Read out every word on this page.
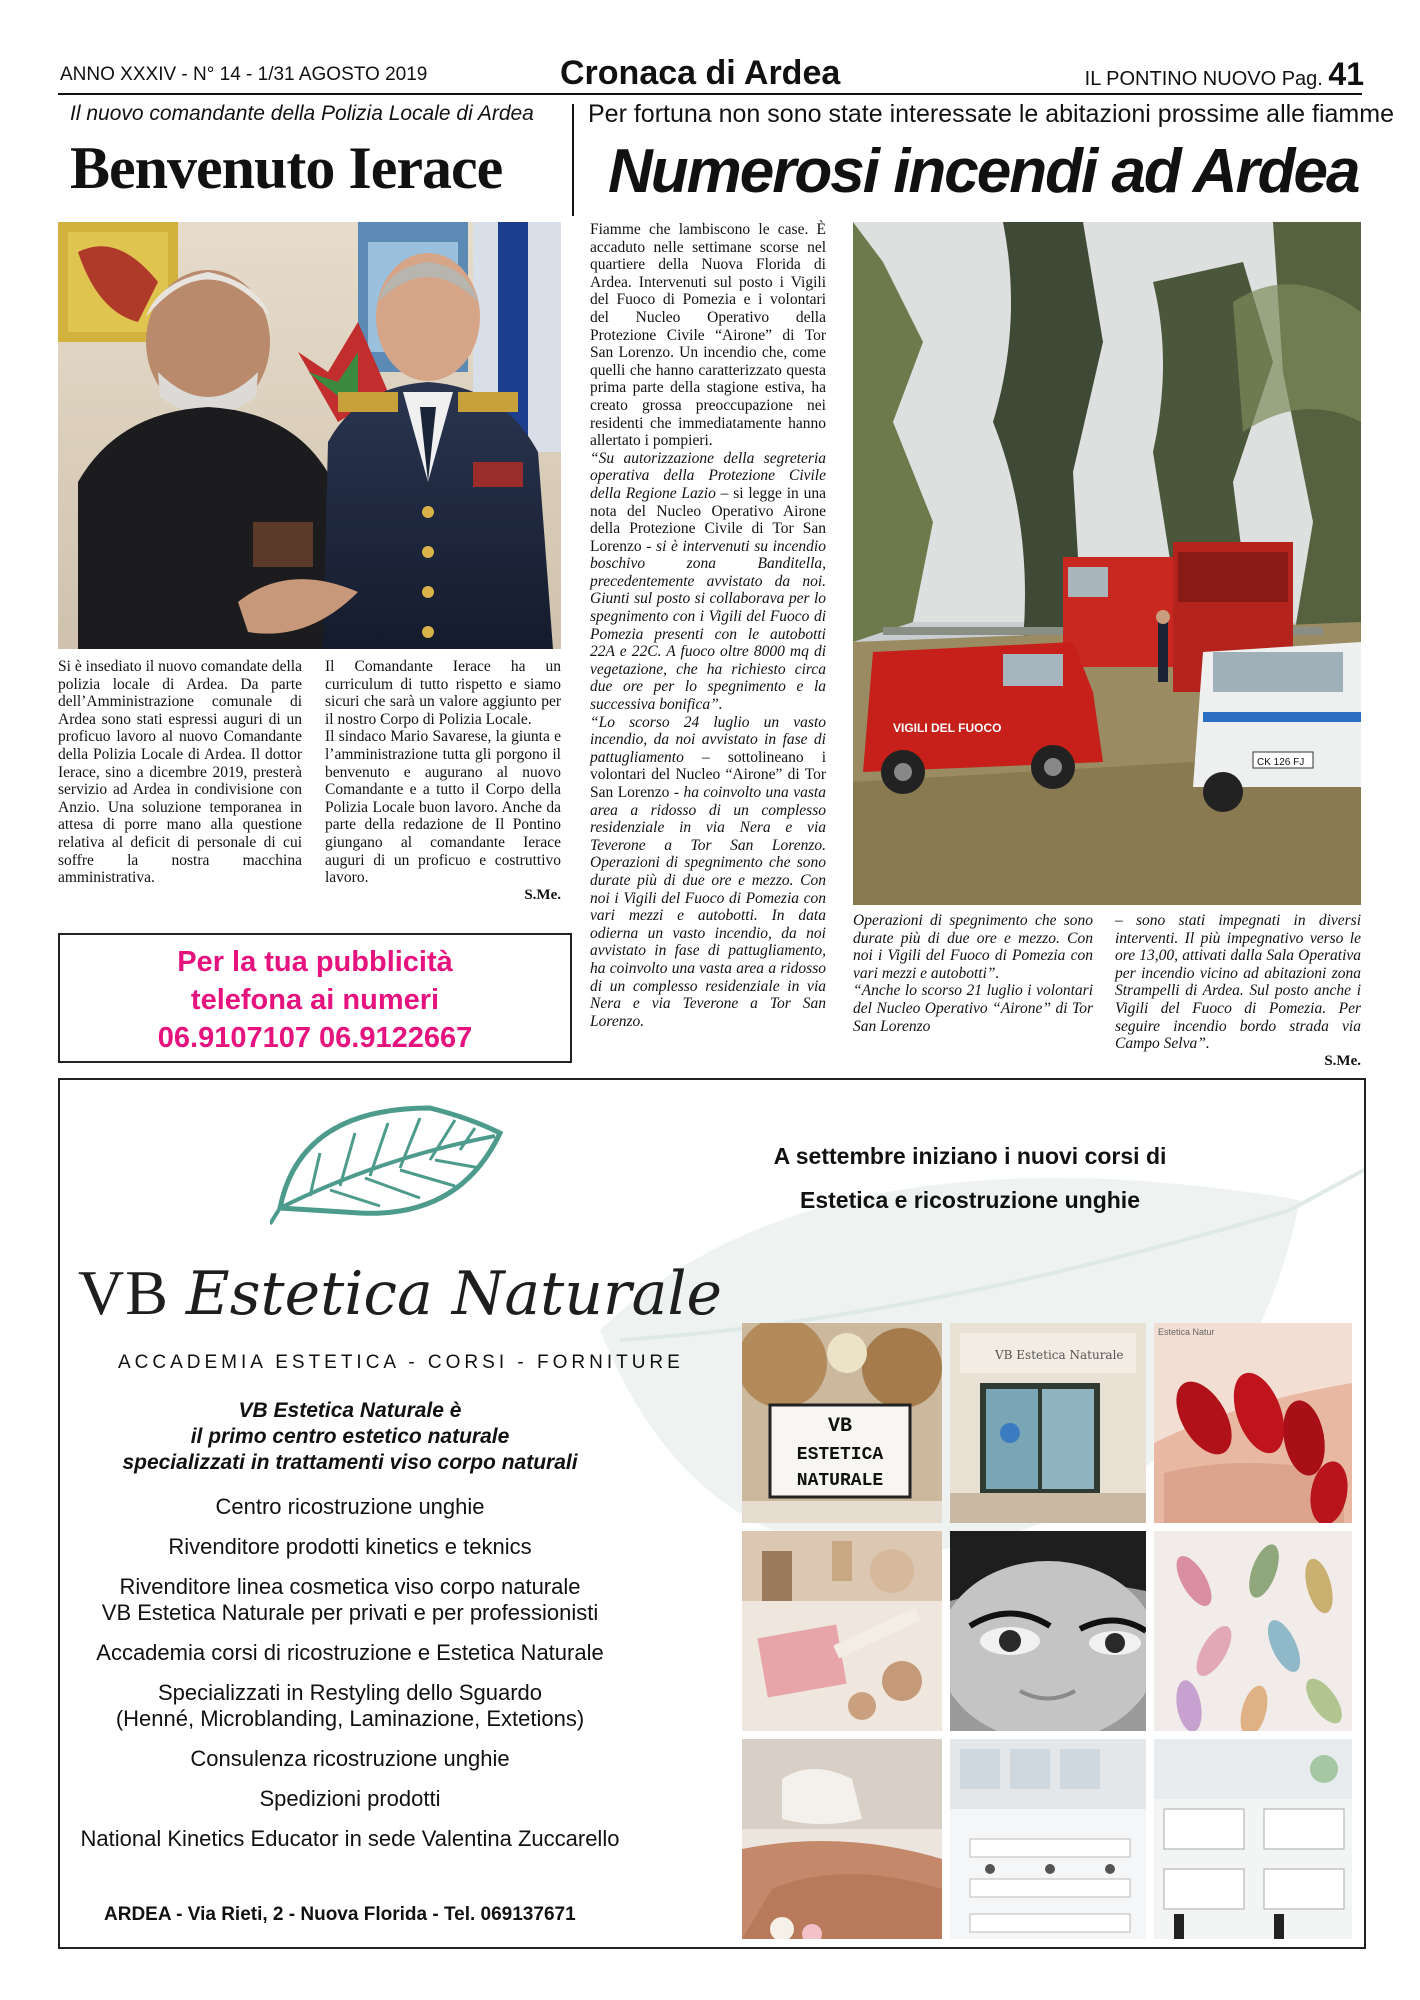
ANNO XXXIV - N° 14 - 1/31 AGOSTO 2019	Cronaca di Ardea	IL PONTINO NUOVO Pag. 41
Il nuovo comandante della Polizia Locale di Ardea
Benvenuto Ierace

Si è insediato il nuovo comandate della polizia locale di Ardea. Da parte dell’Amministrazione comunale di Ardea sono stati espressi auguri di un proficuo lavoro al nuovo Comandante della Polizia Locale di Ardea. Il dottor Ierace, sino a dicembre 2019, presterà servizio ad Ardea in condivisione con Anzio. Una soluzione temporanea in attesa di porre mano alla questione relativa al deficit di personale di cui soffre la nostra macchina amministrativa.

Il Comandante Ierace ha un curriculum di tutto rispetto e siamo sicuri che sarà un valore aggiunto per il nostro Corpo di Polizia Locale.

Il sindaco Mario Savarese, la giunta e l’amministrazione tutta gli porgono il benvenuto e augurano al nuovo Comandante e a tutto il Corpo della Polizia Locale buon lavoro. Anche da parte della redazione de Il Pontino giungano al comandante Ierace auguri di un proficuo e costruttivo lavoro.

S.Me.
Per la tua pubblicità
telefona ai numeri
06.9107107 06.9122667
Per fortuna non sono state interessate le abitazioni prossime alle fiamme
Numerosi incendi ad Ardea

Fiamme che lambiscono le case. È accaduto nelle settimane scorse nel quartiere della Nuova Florida di Ardea. Intervenuti sul posto i Vigili del Fuoco di Pomezia e i volontari del Nucleo Operativo della Protezione Civile “Airone” di Tor San Lorenzo. Un incendio che, come quelli che hanno caratterizzato questa prima parte della stagione estiva, ha creato grossa preoccupazione nei residenti che immediatamente hanno allertato i pompieri.

“Su autorizzazione della segreteria operativa della Protezione Civile della Regione Lazio – si legge in una nota del Nucleo Operativo Airone della Protezione Civile di Tor San Lorenzo - si è intervenuti su incendio boschivo zona Banditella, precedentemente avvistato da noi. Giunti sul posto si collaborava per lo spegnimento con i Vigili del Fuoco di Pomezia presenti con le autobotti 22A e 22C. A fuoco oltre 8000 mq di vegetazione, che ha richiesto circa due ore per lo spegnimento e la successiva bonifica”.

“Lo scorso 24 luglio un vasto incendio, da noi avvistato in fase di pattugliamento – sottolineano i volontari del Nucleo “Airone” di Tor San Lorenzo - ha coinvolto una vasta area a ridosso di un complesso residenziale in via Nera e via Teverone a Tor San Lorenzo. Operazioni di spegnimento che sono durate più di due ore e mezzo. Con noi i Vigili del Fuoco di Pomezia con vari mezzi e autobotti. In data odierna un vasto incendio, da noi avvistato in fase di pattugliamento, ha coinvolto una vasta area a ridosso di un complesso residenziale in via Nera e via Teverone a Tor San Lorenzo.

VIGILI DEL FUOCO
CK 126 FJ

Operazioni di spegnimento che sono durate più di due ore e mezzo. Con noi i Vigili del Fuoco di Pomezia con vari mezzi e autobotti”.

“Anche lo scorso 21 luglio i volontari del Nucleo Operativo “Airone” di Tor San Lorenzo

– sono stati impegnati in diversi interventi. Il più impegnativo verso le ore 13,00, attivati dalla Sala Operativa per incendio vicino ad abitazioni zona Strampelli di Ardea. Sul posto anche i Vigili del Fuoco di Pomezia. Per seguire incendio bordo strada via Campo Selva”.

S.Me.
VB Estetica Naturale
ACCADEMIA ESTETICA - CORSI - FORNITURE
VB Estetica Naturale è
il primo centro estetico naturale
specializzati in trattamenti viso corpo naturali
Centro ricostruzione unghie
Rivenditore prodotti kinetics e teknics
Rivenditore linea cosmetica viso corpo naturale
VB Estetica Naturale per privati e per professionisti
Accademia corsi di ricostruzione e Estetica Naturale
Specializzati in Restyling dello Sguardo
(Henné, Microblanding, Laminazione, Extetions)
Consulenza ricostruzione unghie
Spedizioni prodotti
National Kinetics Educator in sede Valentina Zuccarello
ARDEA - Via Rieti, 2 - Nuova Florida - Tel. 069137671
A settembre iniziano i nuovi corsi di
Estetica e ricostruzione unghie
VB
ESTETICA
NATURALE
VB Estetica Naturale
Estetica Natur
